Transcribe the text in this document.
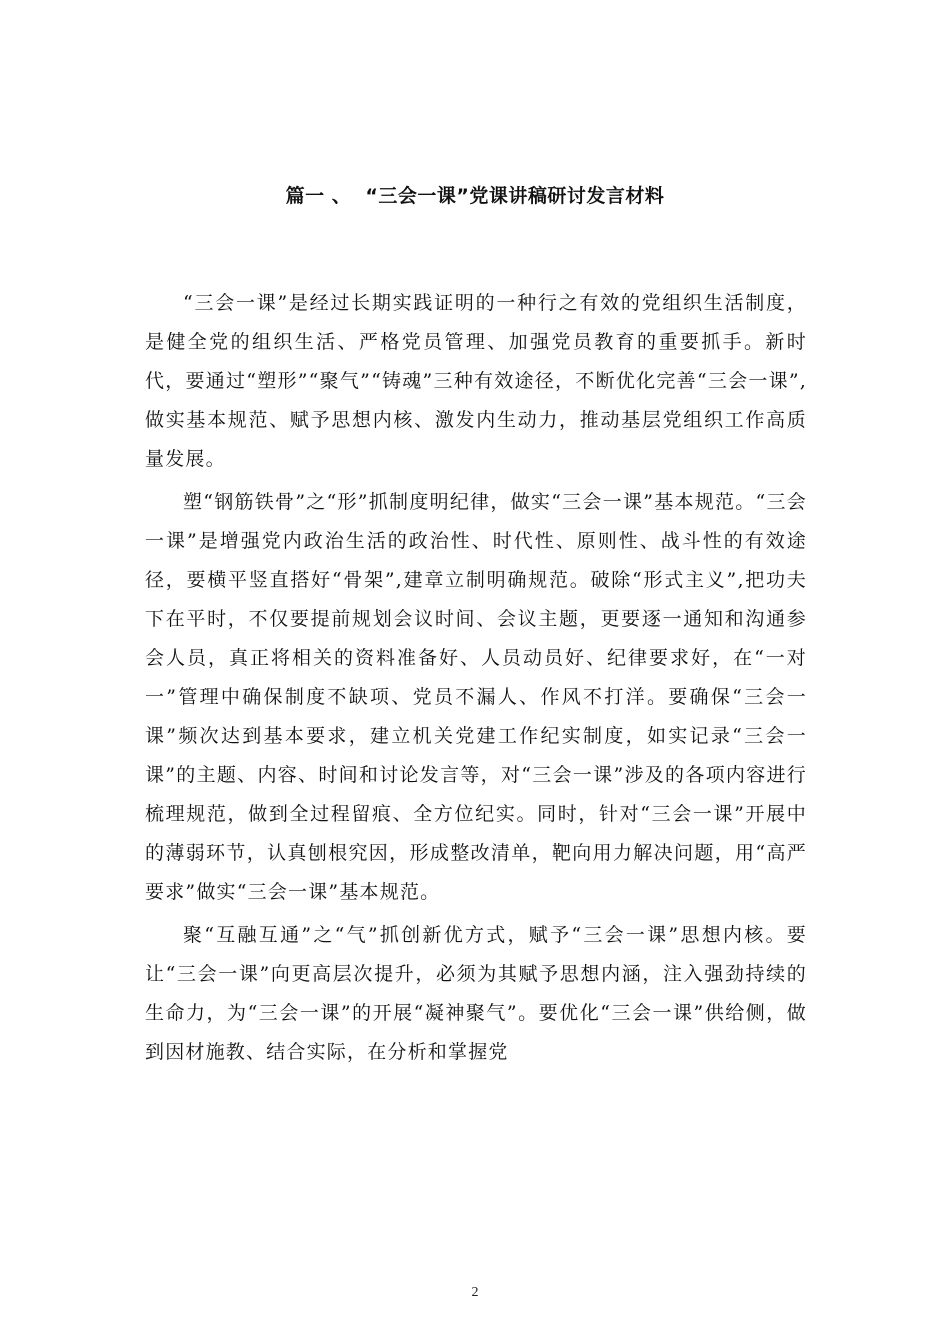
篇一 、  “三会一课”党课讲稿研讨发言材料

“三会一课”是经过长期实践证明的一种行之有效的党组织生活制度，是健全党的组织生活、严格党员管理、加强党员教育的重要抓手。新时代，要通过“塑形”“聚气”“铸魂”三种有效途径，不断优化完善“三会一课”,做实基本规范、赋予思想内核、激发内生动力，推动基层党组织工作高质量发展。

塑“钢筋铁骨”之“形”抓制度明纪律，做实“三会一课”基本规范。“三会一课”是增强党内政治生活的政治性、时代性、原则性、战斗性的有效途径，要横平竖直搭好“骨架”,建章立制明确规范。破除“形式主义”,把功夫下在平时，不仅要提前规划会议时间、会议主题，更要逐一通知和沟通参会人员，真正将相关的资料准备好、人员动员好、纪律要求好，在“一对一”管理中确保制度不缺项、党员不漏人、作风不打洋。要确保“三会一课”频次达到基本要求，建立机关党建工作纪实制度，如实记录“三会一课”的主题、内容、时间和讨论发言等，对“三会一课”涉及的各项内容进行梳理规范，做到全过程留痕、全方位纪实。同时，针对“三会一课”开展中的薄弱环节，认真刨根究因，形成整改清单，靶向用力解决问题，用“高严要求”做实“三会一课”基本规范。

聚“互融互通”之“气”抓创新优方式，赋予“三会一课”思想内核。要让“三会一课”向更高层次提升，必须为其赋予思想内涵，注入强劲持续的生命力，为“三会一课”的开展“凝神聚气”。要优化“三会一课”供给侧，做到因材施教、结合实际，在分析和掌握党

2
